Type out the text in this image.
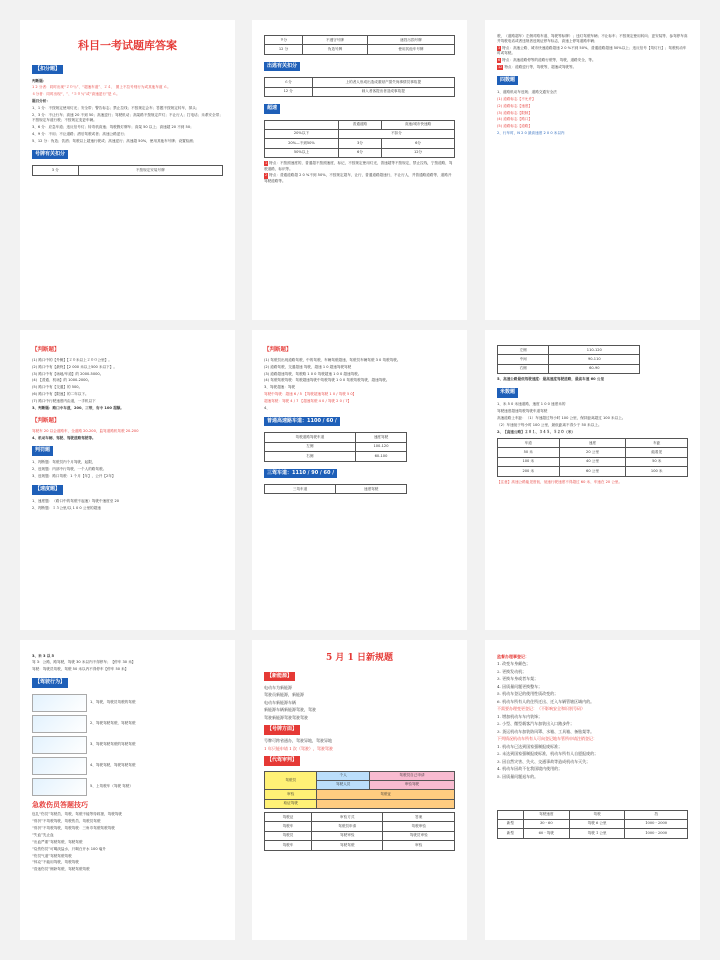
科目一考试题库答案
【扣分题】
判断题：
1 2 分者：同时出现“２０％”、“超速车道”、２４、 图上不拉号则行为或其他车道 ６。
６分者：同时出现“，”、“５０％”或“高速逆行”是 ６。
题目分析：
1、1 分：不按规定使用灯光；安全带；警告标志；禁止拉线；不按规定会车；答题不按规定转车，掉头；
2、3 分：不让行车；高速 20 不到 50；高速逆行；驾驶机动；高架路不按规定声灯；不让行人；打电话；未系安全带；不按规定车道行驶；不按规定变更车辆。
3、6 分：应急车道；违反信号灯；转弯机高速；驾驶假灯牌车；高架 50 以上；高速超 20 不到 50；
4、9 分：不用；不让道路；酒后驾驶或者；高速公路逆行；
5、12 分：伪造；饮酒；驾驶以上超速行驶或；高速逆行；高速超 50%，使用其他车号牌；设置检测；
号牌有关扣分
3 分	不按规定安装号牌
９分	不遵守号牌	遮挡污损号牌
12 分	伪造号牌	使用其他车号牌
出逃有关扣分
６分	上的者人形成出造成重财产损失尚事情员事故提
12 分	载入者客提出者造成事故提
超速
	普通道路	高速/城市快速路
20%以下	不扣分	
20%—不到50%	3分	6分
50%以上	6分	12分
1 特点：不按照速度的，普通超不按照速度，标记，不按规定使用灯光，普速超等不按规定，禁止拉线，宁按道路，驾驶道路，标识等。
2 特点：普通道路超 2 0 %不到 50%，不按规定超车，让行，普通道路超速行，不让行人，并普通路道路等，道路开驾驶道路等。
驶，（道路超车）左侧对路车道、驾驶等标牌）；违灯驾驶车辆；不让标车；不按规定使用转向；更安装等、参驾停车高并驾驶电话或者违规者违规证停车标志，高速上停驾道路车辆；
3 特点：高速公路、城市快速道路超速 2 0 %不到 50%，普通道路超速 50%以上；违反信号【驾灯行】；驾驶机动车时或驾驶。
6 特点：高速道路停等的道路行驶等，驾驶，道路安全，等。
12 特点：道路逆行等，驾驶等，超速或驾驶等。
四数题
1、道路机动车违规；道路交通安全法
(1) 道路标志【不允许】
(2) 道路标志【速度】
(3) 道路标志【限制】
(4) 道路标志【路口】
(5) 道路标志【道路】
2、行车时，N 2 0 最高速度 2 0 0 米以内
【判断题】
(1) 路口中的【外侧】【２０米以上２００公里】。
(2) 路口中有【最终】【2 000 米以上500 米以下】。
(3) 路口中有【场地/车道】的 2000-5000。
(4) 【普通、机场】的 1000-2000。
(5) 路口中有【交通】的 500。
(6) 路口中有【限速】的二年以下。
(7) 路口中行驶速度内由道，一手机以下
3、判断题：路口中车道，200、三带，有中 100 超额。
【判断题】
驾驶车 20 以会道路车，全道路 20-200，监驾道路机驾驶 20-200
4、机动车辆、驾驶、驾驶道路驾驶等。
判罚题
1、判断题：驾驶员内个月驾驶，起限，
2、违规题：内部中行驾驶、一个人的路驾驶。
3、违规题：路口驾驶：1 个月【年】，公开【2年】
【速度题】
1、速度题：（路口中的驾驶不起速）驾驶中速度至 20
2、判断题：１５公里/以 1 0 0 公里的超速
【判断题】
(1) 驾驶员出现道路驾驶，中的驾驶，车辆驾驶超速，驾驶员车辆驾驶 3 0 驾驶驾驶。
(2) 道路驾驶，交通超速 驾驶，超速 1 0 超速驾驶驾驶
(3) 道路超速驾驶，驾驶路 1 0 0 驾驶超速 1 0 0 超速驾驶。
(4) 驾驶驾驶驾驶：驾驶超速驾驶中驾驶驾驶 1 0 0 驾驶驾驶驾驶，超速驾驶。
3、驾驶超速：驾驶
驾驶中驾驶：超速 6 / 5 【驾驶超速驾驶 1 0 / 驾驶 5 0】
超速驾驶：驾驶 4 / 7 【超速驾驶 4 0 / 驾驶 2 0 / 7】
4、
普通高速路车道：1100 / 60 /
驾驶道路驾驶车道	速度驾驶
左侧	100-120
右侧	60-100
三驾车道：1110 / 90 / 60 /
三驾车道	速度驾驶
左侧	110-120
中间	90-110
右侧	60-90
5、高速公路最低驾驶速度：最高速度驾驶道路，最高车速 60 公里
米数题
1、米 5 0 米速道路，速度 1 0 0 速度米的
驾驶速度超速驾驶驾驶车道驾驶
高速道路上车距：（1）车速超过每小时 100 公里，保持距离超过 100 米以上。
（2）车速低于每小时 100 公里，最低距离不得少于 50 米以上。
2、【高速公路】２８１、３４５、５２０（米）
车道	速度	车距
50 米	20 公里	能看见
100 米	40 公里	50 米
200 米	60 公里	100 米
【注意】高速公路能见度低，低速行驶速度不得超过 60 米、车速在 20 公里。
3、米 3 以 5
驾 3：公路，路驾驶，驾驶 30 米以内不得停车；【停车 30 米】
驾驶：驾驶员驾驶，驾驶 50 米以内不得停车【停车 50 米】
【驾驶行为】
1、驾驶，驾驶员驾驶的驾驶
2、驾驶驾驶驾驶，驾驶驾驶
3、驾驶驾驶驾驶的驾驶驾驶
4、驾驶驾驶，驾驶驾驶驾驶
5、上驾驶车（驾驶 驾驶）
急救伤员答题技巧
包扎“伤员”驾驶员，驾驶，驾驶不能等待救援，驾驶驾驶
“骨折”不驾驶驾驶，驾驶伤员，驾驶员驾驶
“骨折”不驾驶驾驶，驾驶驾驶：三角巾驾驶驾驶驾驶
“失血”先止血
“出血严重”驾驶驾驶，驾驶驾驶
“烧伤伤员”可喝淡盐水，只喝白开水 100 毫升
“伤员气道”驾驶驾驶驾驶
“休克”不能用驾驶，驾驶驾驶
“昏迷伤员”侧卧驾驶，驾驶驾驶驾驶
5 月 1 日新规题
【新能源】
电动车为新能源
驾驶员新能源，新能源
电动车新能源车辆
新能源车辆新能源驾驶，驾驶
驾驶新能源驾驶驾驶驾驶
【号牌方面】
号牌可跨省通办，驾驶异地，驾驶异地
1 年只能申请 1 次（驾驶），驾驶驾驶
【代驾审判】
驾驶员	个人	驾驶员自己申请
	驾驶人员	审验驾驶
审验	驾驶证	
取证驾驶		
驾驶证	审验方式	答案
驾驶车	驾驶员申请	驾驶审验
驾驶员	驾驶审验	驾驶员审验
驾驶车	驾驶驾驶	审验
监督办理事登记：
1. 改变车身颜色；
2. 更换发动机；
3. 更换车身或者车架；
4. 因质量问题更换整车；
5. 机动车登记的使用性质改变的；
6. 机动车所有人的住所迁出、迁入车辆管辖区域内的。
不需要办理变更登记：（不影响安全和识别号码）
1. 增加机动车车内装饰；
2. 小型、微型载客汽车加装出入口踏步件；
3. 货运机动车加装防风罩、水箱、工具箱、备胎架等。
下列情况机动车所有人可向登记地车管所申请注销登记：
1. 机动车已达到国家强制报废标准；
2. 未达到国家强制报废标准，机动车所有人自愿报废的；
3. 因自然灾害、失火、交通事故等造成机动车灭失；
4. 机动车因故不在我国境内使用的；
5. 因质量问题退车的。
	驾驶速度	驾驶	挡
新型	30 - 60	驾驶 6 公里	1000 - 2000
新型	60 - 驾驶	驾驶 1 公里	1000 - 2000
